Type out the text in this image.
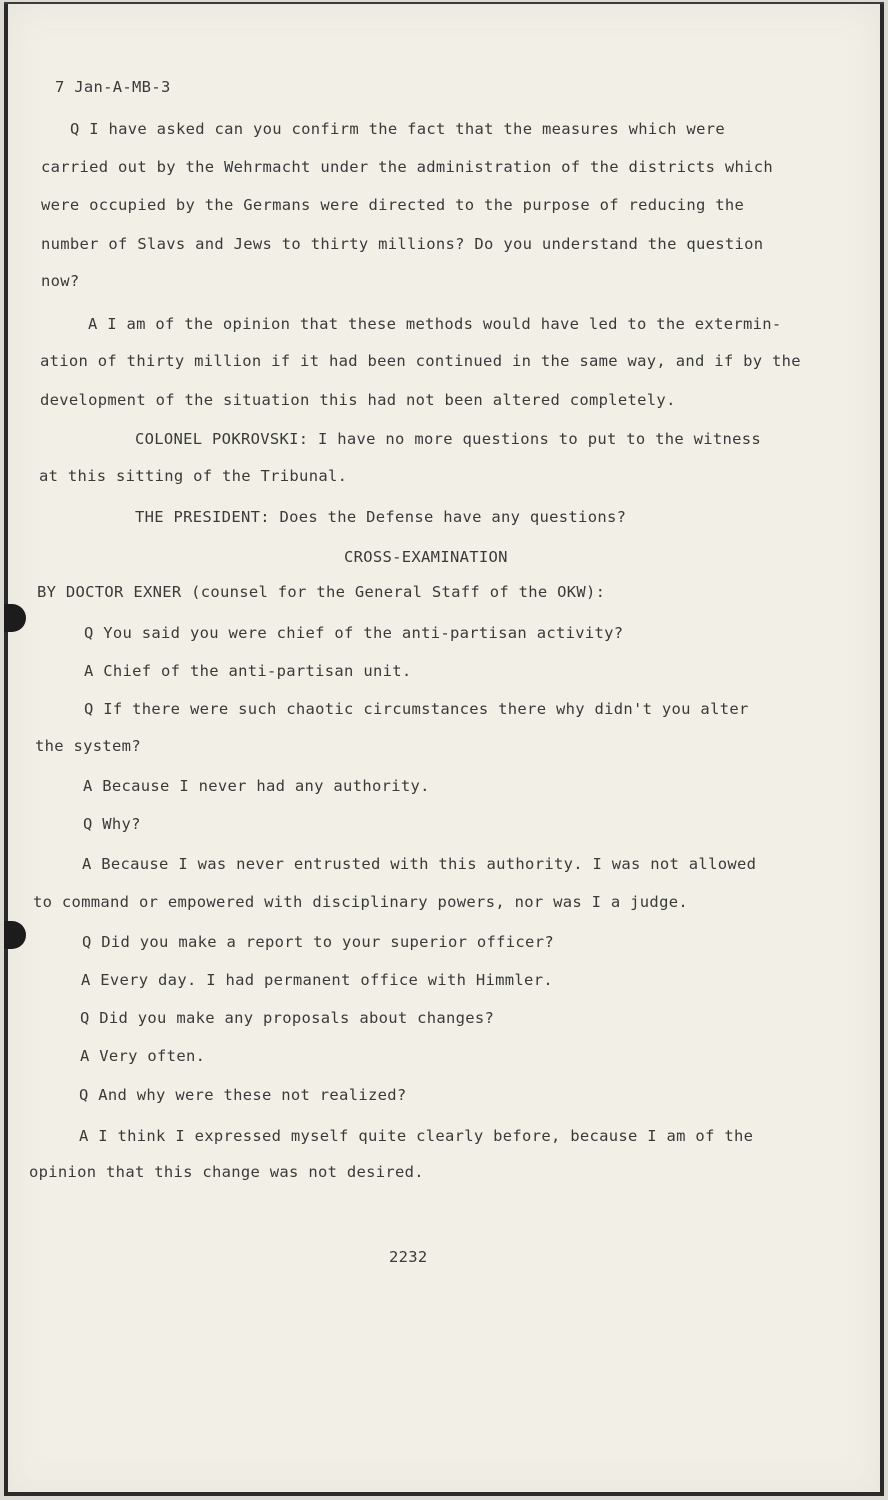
7 Jan-A-MB-3
Q I have asked can you confirm the fact that the measures which were
carried out by the Wehrmacht under the administration of the districts which
were occupied by the Germans were directed to the purpose of reducing the
number of Slavs and Jews to thirty millions? Do you understand the question
now?
A I am of the opinion that these methods would have led to the extermin-
ation of thirty million if it had been continued in the same way, and if by the
development of the situation this had not been altered completely.
COLONEL POKROVSKI: I have no more questions to put to the witness
at this sitting of the Tribunal.
THE PRESIDENT: Does the Defense have any questions?
CROSS-EXAMINATION
BY DOCTOR EXNER (counsel for the General Staff of the OKW):
Q You said you were chief of the anti-partisan activity?
A Chief of the anti-partisan unit.
Q If there were such chaotic circumstances there why didn't you alter
the system?
A Because I never had any authority.
Q Why?
A Because I was never entrusted with this authority. I was not allowed
to command or empowered with disciplinary powers, nor was I a judge.
Q Did you make a report to your superior officer?
A Every day. I had permanent office with Himmler.
Q Did you make any proposals about changes?
A Very often.
Q And why were these not realized?
A I think I expressed myself quite clearly before, because I am of the
opinion that this change was not desired.
2232
